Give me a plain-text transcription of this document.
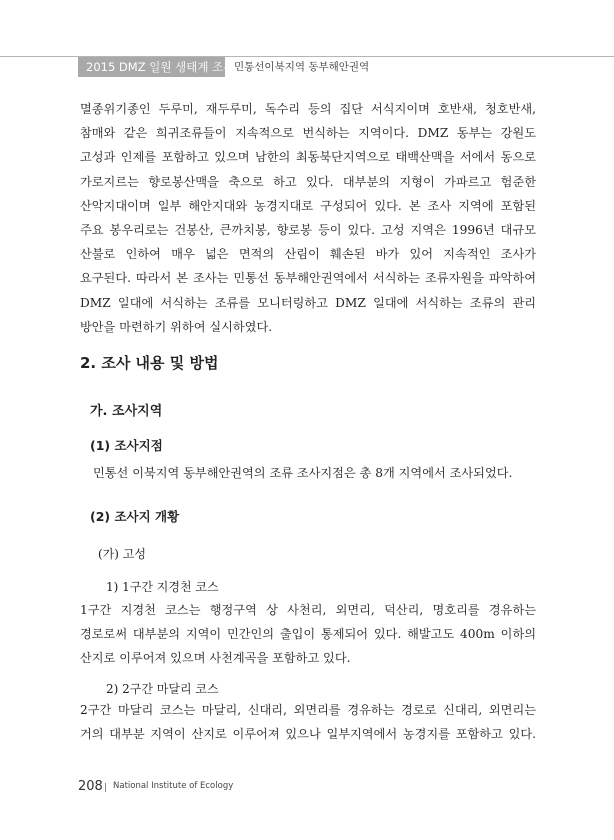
2015 DMZ 일원 생태계 조사 민통선이북지역 동부해안권역

멸종위기종인 두루미, 재두루미, 독수리 등의 집단 서식지이며 호반새, 청호반새,

참매와 같은 희귀조류들이 지속적으로 번식하는 지역이다. DMZ 동부는 강원도

고성과 인제를 포함하고 있으며 남한의 최동북단지역으로 태백산맥을 서에서 동으로

가로지르는 향로봉산맥을 축으로 하고 있다. 대부분의 지형이 가파르고 험준한

산악지대이며 일부 해안지대와 농경지대로 구성되어 있다. 본 조사 지역에 포함된

주요 봉우리로는 건봉산, 큰까치봉, 향로봉 등이 있다. 고성 지역은 1996년 대규모

산불로 인하여 매우 넓은 면적의 산림이 훼손된 바가 있어 지속적인 조사가

요구된다. 따라서 본 조사는 민통선 동부해안권역에서 서식하는 조류자원을 파악하여

DMZ 일대에 서식하는 조류를 모니터링하고 DMZ 일대에 서식하는 조류의 관리

방안을 마련하기 위하여 실시하였다.

2. 조사 내용 및 방법
가. 조사지역
(1) 조사지점

민통선 이북지역 동부해안권역의 조류 조사지점은 총 8개 지역에서 조사되었다.

(2) 조사지 개황
(가) 고성
1) 1구간 지경천 코스

1구간 지경천 코스는 행정구역 상 사천리, 외면리, 덕산리, 명호리를 경유하는

경로로써 대부분의 지역이 민간인의 출입이 통제되어 있다. 해발고도 400m 이하의

산지로 이루어져 있으며 사천계곡을 포함하고 있다.

2) 2구간 마달리 코스

2구간 마달리 코스는 마달리, 신대리, 외면리를 경유하는 경로로 신대리, 외면리는

거의 대부분 지역이 산지로 이루어져 있으나 일부지역에서 농경지를 포함하고 있다.

208 National Institute of Ecology
